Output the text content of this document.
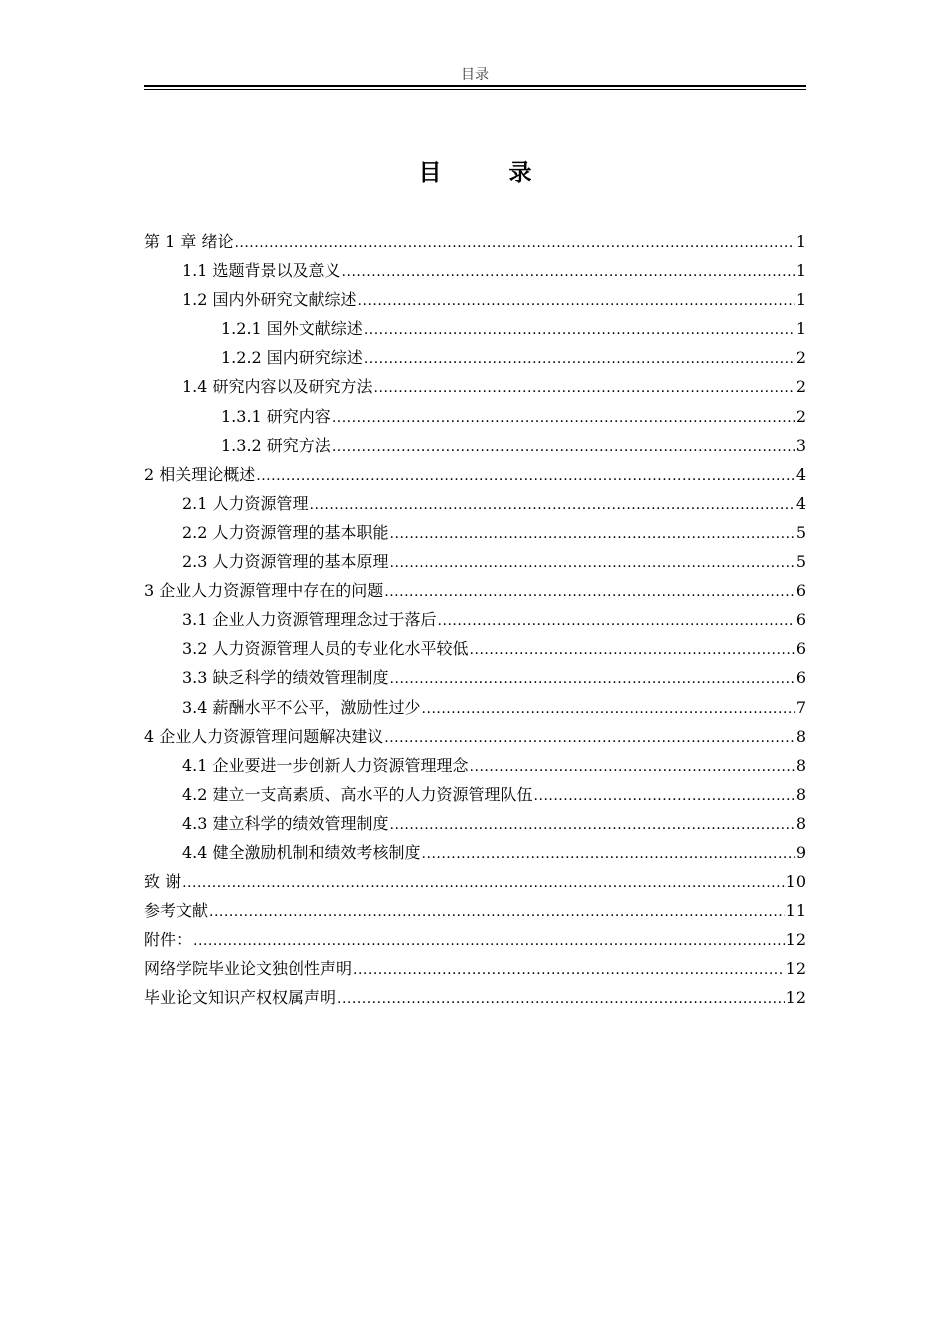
目录
目　录
第 1 章 绪论 .....	1
1.1 选题背景以及意义 .....	1
1.2 国内外研究文献综述 .....	1
1.2.1 国外文献综述 .....	1
1.2.2 国内研究综述 .....	2
1.4 研究内容以及研究方法 .....	2
1.3.1 研究内容 .....	2
1.3.2 研究方法 .....	3
2 相关理论概述 .....	4
2.1 人力资源管理 .....	4
2.2 人力资源管理的基本职能 .....	5
2.3 人力资源管理的基本原理 .....	5
3 企业人力资源管理中存在的问题 .....	6
3.1 企业人力资源管理理念过于落后 .....	6
3.2 人力资源管理人员的专业化水平较低 .....	6
3.3 缺乏科学的绩效管理制度 .....	6
3.4 薪酬水平不公平，激励性过少 .....	7
4 企业人力资源管理问题解决建议 .....	8
4.1 企业要进一步创新人力资源管理理念 .....	8
4.2 建立一支高素质、高水平的人力资源管理队伍 .....	8
4.3 建立科学的绩效管理制度 .....	8
4.4 健全激励机制和绩效考核制度 .....	9
致 谢 .....	10
参考文献 .....	11
附件： .....	12
网络学院毕业论文独创性声明 .....	12
毕业论文知识产权权属声明 .....	12
